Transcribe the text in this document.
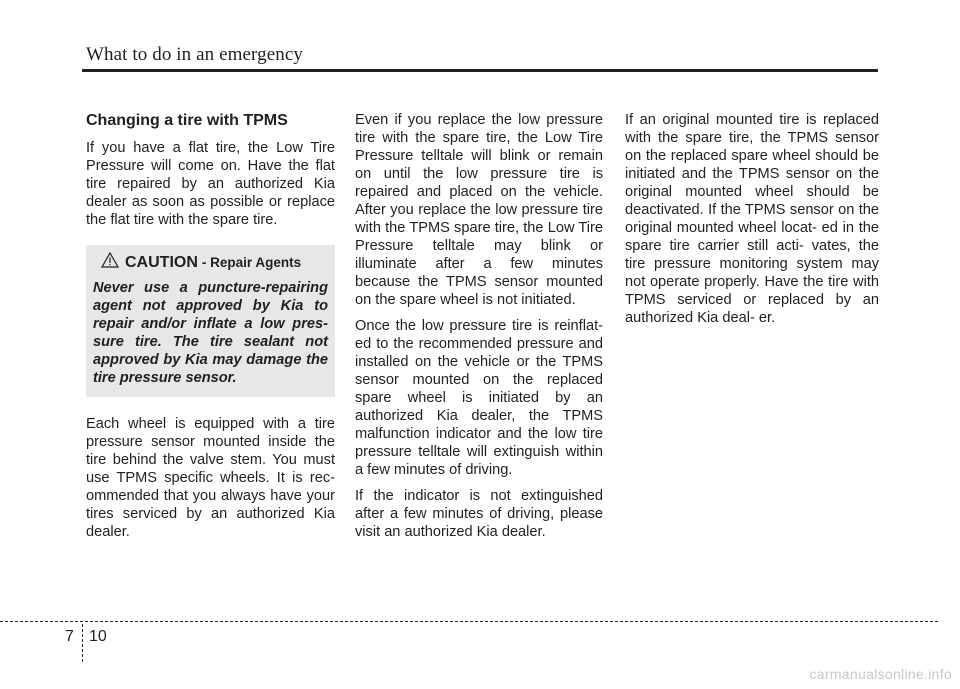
What to do in an emergency
Changing a tire with TPMS

If you have a flat tire, the Low Tire Pressure will come on. Have the flat tire repaired by an authorized Kia dealer as soon as possible or replace the flat tire with the spare tire.

CAUTION - Repair Agents
Never use a puncture-repairing agent not approved by Kia to repair and/or inflate a low pres- sure tire. The tire sealant not approved by Kia may damage the tire pressure sensor.

Each wheel is equipped with a tire pressure sensor mounted inside the tire behind the valve stem. You must use TPMS specific wheels. It is rec- ommended that you always have your tires serviced by an authorized Kia dealer.

Even if you replace the low pressure tire with the spare tire, the Low Tire Pressure telltale will blink or remain on until the low pressure tire is repaired and placed on the vehicle. After you replace the low pressure tire with the TPMS spare tire, the Low Tire Pressure telltale may blink or illuminate after a few minutes because the TPMS sensor mounted on the spare wheel is not initiated.

Once the low pressure tire is reinflat- ed to the recommended pressure and installed on the vehicle or the TPMS sensor mounted on the replaced spare wheel is initiated by an authorized Kia dealer, the TPMS malfunction indicator and the low tire pressure telltale will extinguish within a few minutes of driving.

If the indicator is not extinguished after a few minutes of driving, please visit an authorized Kia dealer.

If an original mounted tire is replaced with the spare tire, the TPMS sensor on the replaced spare wheel should be initiated and the TPMS sensor on the original mounted wheel should be deactivated. If the TPMS sensor on the original mounted wheel locat- ed in the spare tire carrier still acti- vates, the tire pressure monitoring system may not operate properly. Have the tire with TPMS serviced or replaced by an authorized Kia deal- er.

7 10
carmanualsonline.info
